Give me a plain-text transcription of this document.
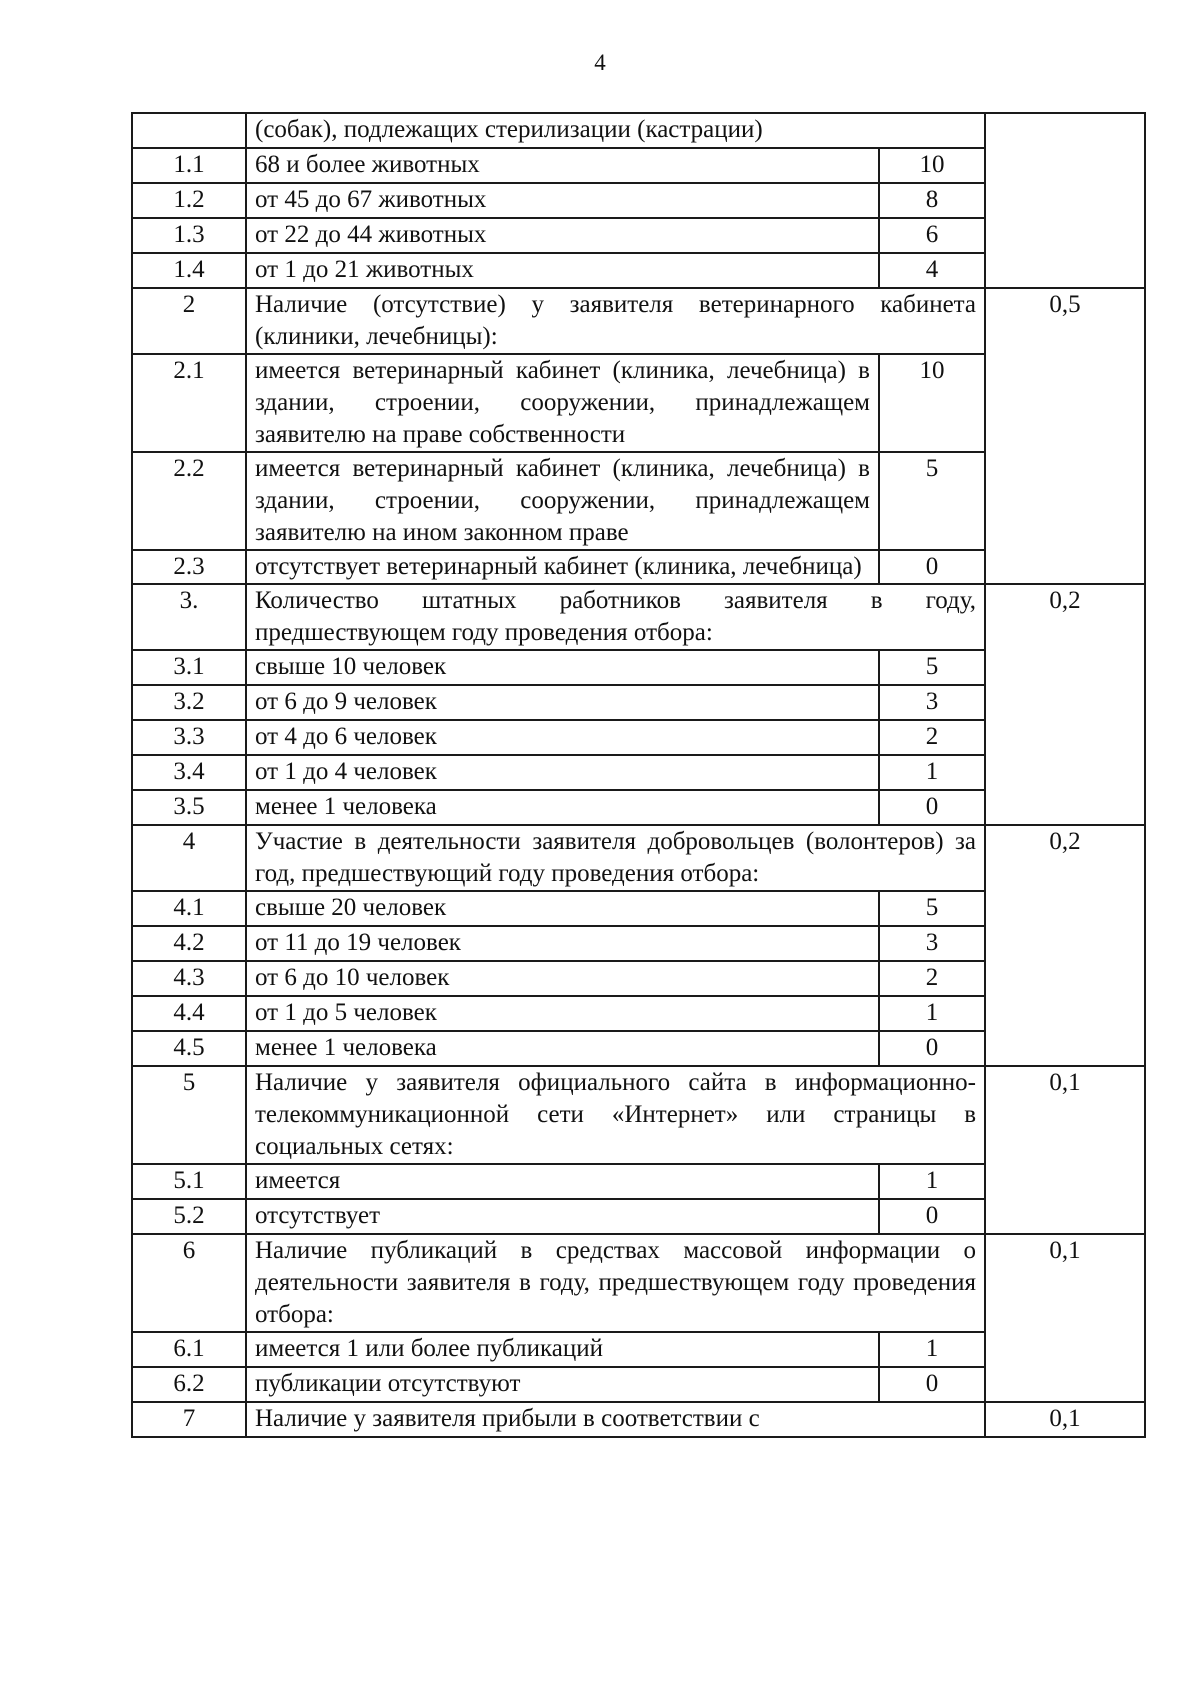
4
	(собак), подлежащих стерилизации (кастрации)		
1.1	68 и более животных	10	
1.2	от 45 до 67 животных	8	
1.3	от 22 до 44 животных	6	
1.4	от 1 до 21 животных	4	
2	Наличие (отсутствие) у заявителя ветеринарного кабинета (клиники, лечебницы):		0,5
2.1	имеется ветеринарный кабинет (клиника, лечебница) в здании, строении, сооружении, принадлежащем заявителю на праве собственности	10	
2.2	имеется ветеринарный кабинет (клиника, лечебница) в здании, строении, сооружении, принадлежащем заявителю на ином законном праве	5	
2.3	отсутствует ветеринарный кабинет (клиника, лечебница)	0	
3.	Количество штатных работников заявителя в году, предшествующем году проведения отбора:		0,2
3.1	свыше 10 человек	5	
3.2	от 6 до 9 человек	3	
3.3	от 4 до 6 человек	2	
3.4	от 1 до 4 человек	1	
3.5	менее 1 человека	0	
4	Участие в деятельности заявителя добровольцев (волонтеров) за год, предшествующий году проведения отбора:		0,2
4.1	свыше 20 человек	5	
4.2	от 11 до 19 человек	3	
4.3	от 6 до 10 человек	2	
4.4	от 1 до 5 человек	1	
4.5	менее 1 человека	0	
5	Наличие у заявителя официального сайта в информационно-телекоммуникационной сети «Интернет» или страницы в социальных сетях:		0,1
5.1	имеется	1	
5.2	отсутствует	0	
6	Наличие публикаций в средствах массовой информации о деятельности заявителя в году, предшествующем году проведения отбора:		0,1
6.1	имеется 1 или более публикаций	1	
6.2	публикации отсутствуют	0	
7	Наличие у заявителя прибыли в соответствии с		0,1
